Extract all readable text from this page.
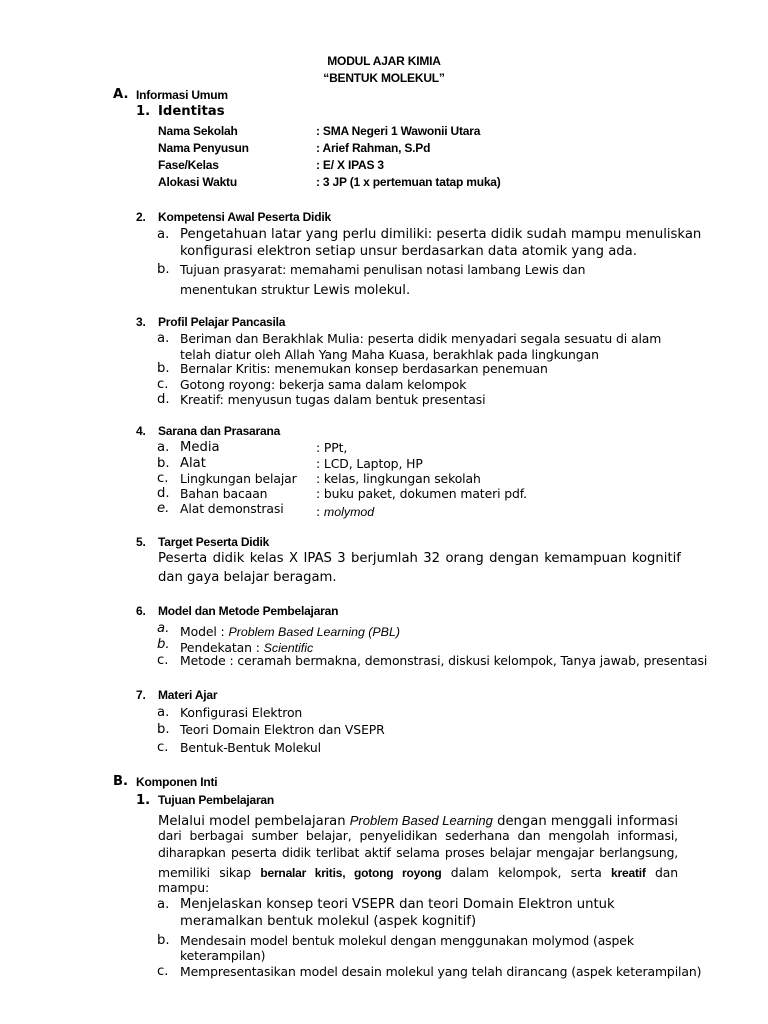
MODUL AJAR KIMIA
“BENTUK MOLEKUL”
A. Informasi Umum
1. Identitas
Nama Sekolah	: SMA Negeri 1 Wawonii Utara
Nama Penyusun	: Arief Rahman, S.Pd
Fase/Kelas	: E/ X IPAS 3
Alokasi Waktu	: 3 JP (1 x pertemuan tatap muka)
2. Kompetensi Awal Peserta Didik
a. Pengetahuan latar yang perlu dimiliki: peserta didik sudah mampu menuliskan
konfigurasi elektron setiap unsur berdasarkan data atomik yang ada.
b. Tujuan prasyarat: memahami penulisan notasi lambang Lewis dan
menentukan struktur Lewis molekul.
3. Profil Pelajar Pancasila
a. Beriman dan Berakhlak Mulia: peserta didik menyadari segala sesuatu di alam
telah diatur oleh Allah Yang Maha Kuasa, berakhlak pada lingkungan
b. Bernalar Kritis: menemukan konsep berdasarkan penemuan
c. Gotong royong: bekerja sama dalam kelompok
d. Kreatif: menyusun tugas dalam bentuk presentasi
4. Sarana dan Prasarana
a. Media	: PPt,
b. Alat	: LCD, Laptop, HP
c. Lingkungan belajar : kelas, lingkungan sekolah
d. Bahan bacaan	: buku paket, dokumen materi pdf.
e. Alat demonstrasi	: molymod
5. Target Peserta Didik
Peserta didik kelas X IPAS 3 berjumlah 32 orang dengan kemampuan kognitif
dan gaya belajar beragam.
6. Model dan Metode Pembelajaran
a. Model : Problem Based Learning (PBL)
b. Pendekatan : Scientific
c. Metode : ceramah bermakna, demonstrasi, diskusi kelompok, Tanya jawab, presentasi
7. Materi Ajar
a. Konfigurasi Elektron
b. Teori Domain Elektron dan VSEPR
c. Bentuk-Bentuk Molekul
B. Komponen Inti
1. Tujuan Pembelajaran
Melalui model pembelajaran Problem Based Learning dengan menggali informasi
dari berbagai sumber belajar, penyelidikan sederhana dan mengolah informasi,
diharapkan peserta didik terlibat aktif selama proses belajar mengajar berlangsung,
memiliki sikap bernalar kritis, gotong royong dalam kelompok, serta kreatif dan
mampu:
a. Menjelaskan konsep teori VSEPR dan teori Domain Elektron untuk
meramalkan bentuk molekul (aspek kognitif)
b. Mendesain model bentuk molekul dengan menggunakan molymod (aspek
keterampilan)
c. Mempresentasikan model desain molekul yang telah dirancang (aspek keterampilan)
